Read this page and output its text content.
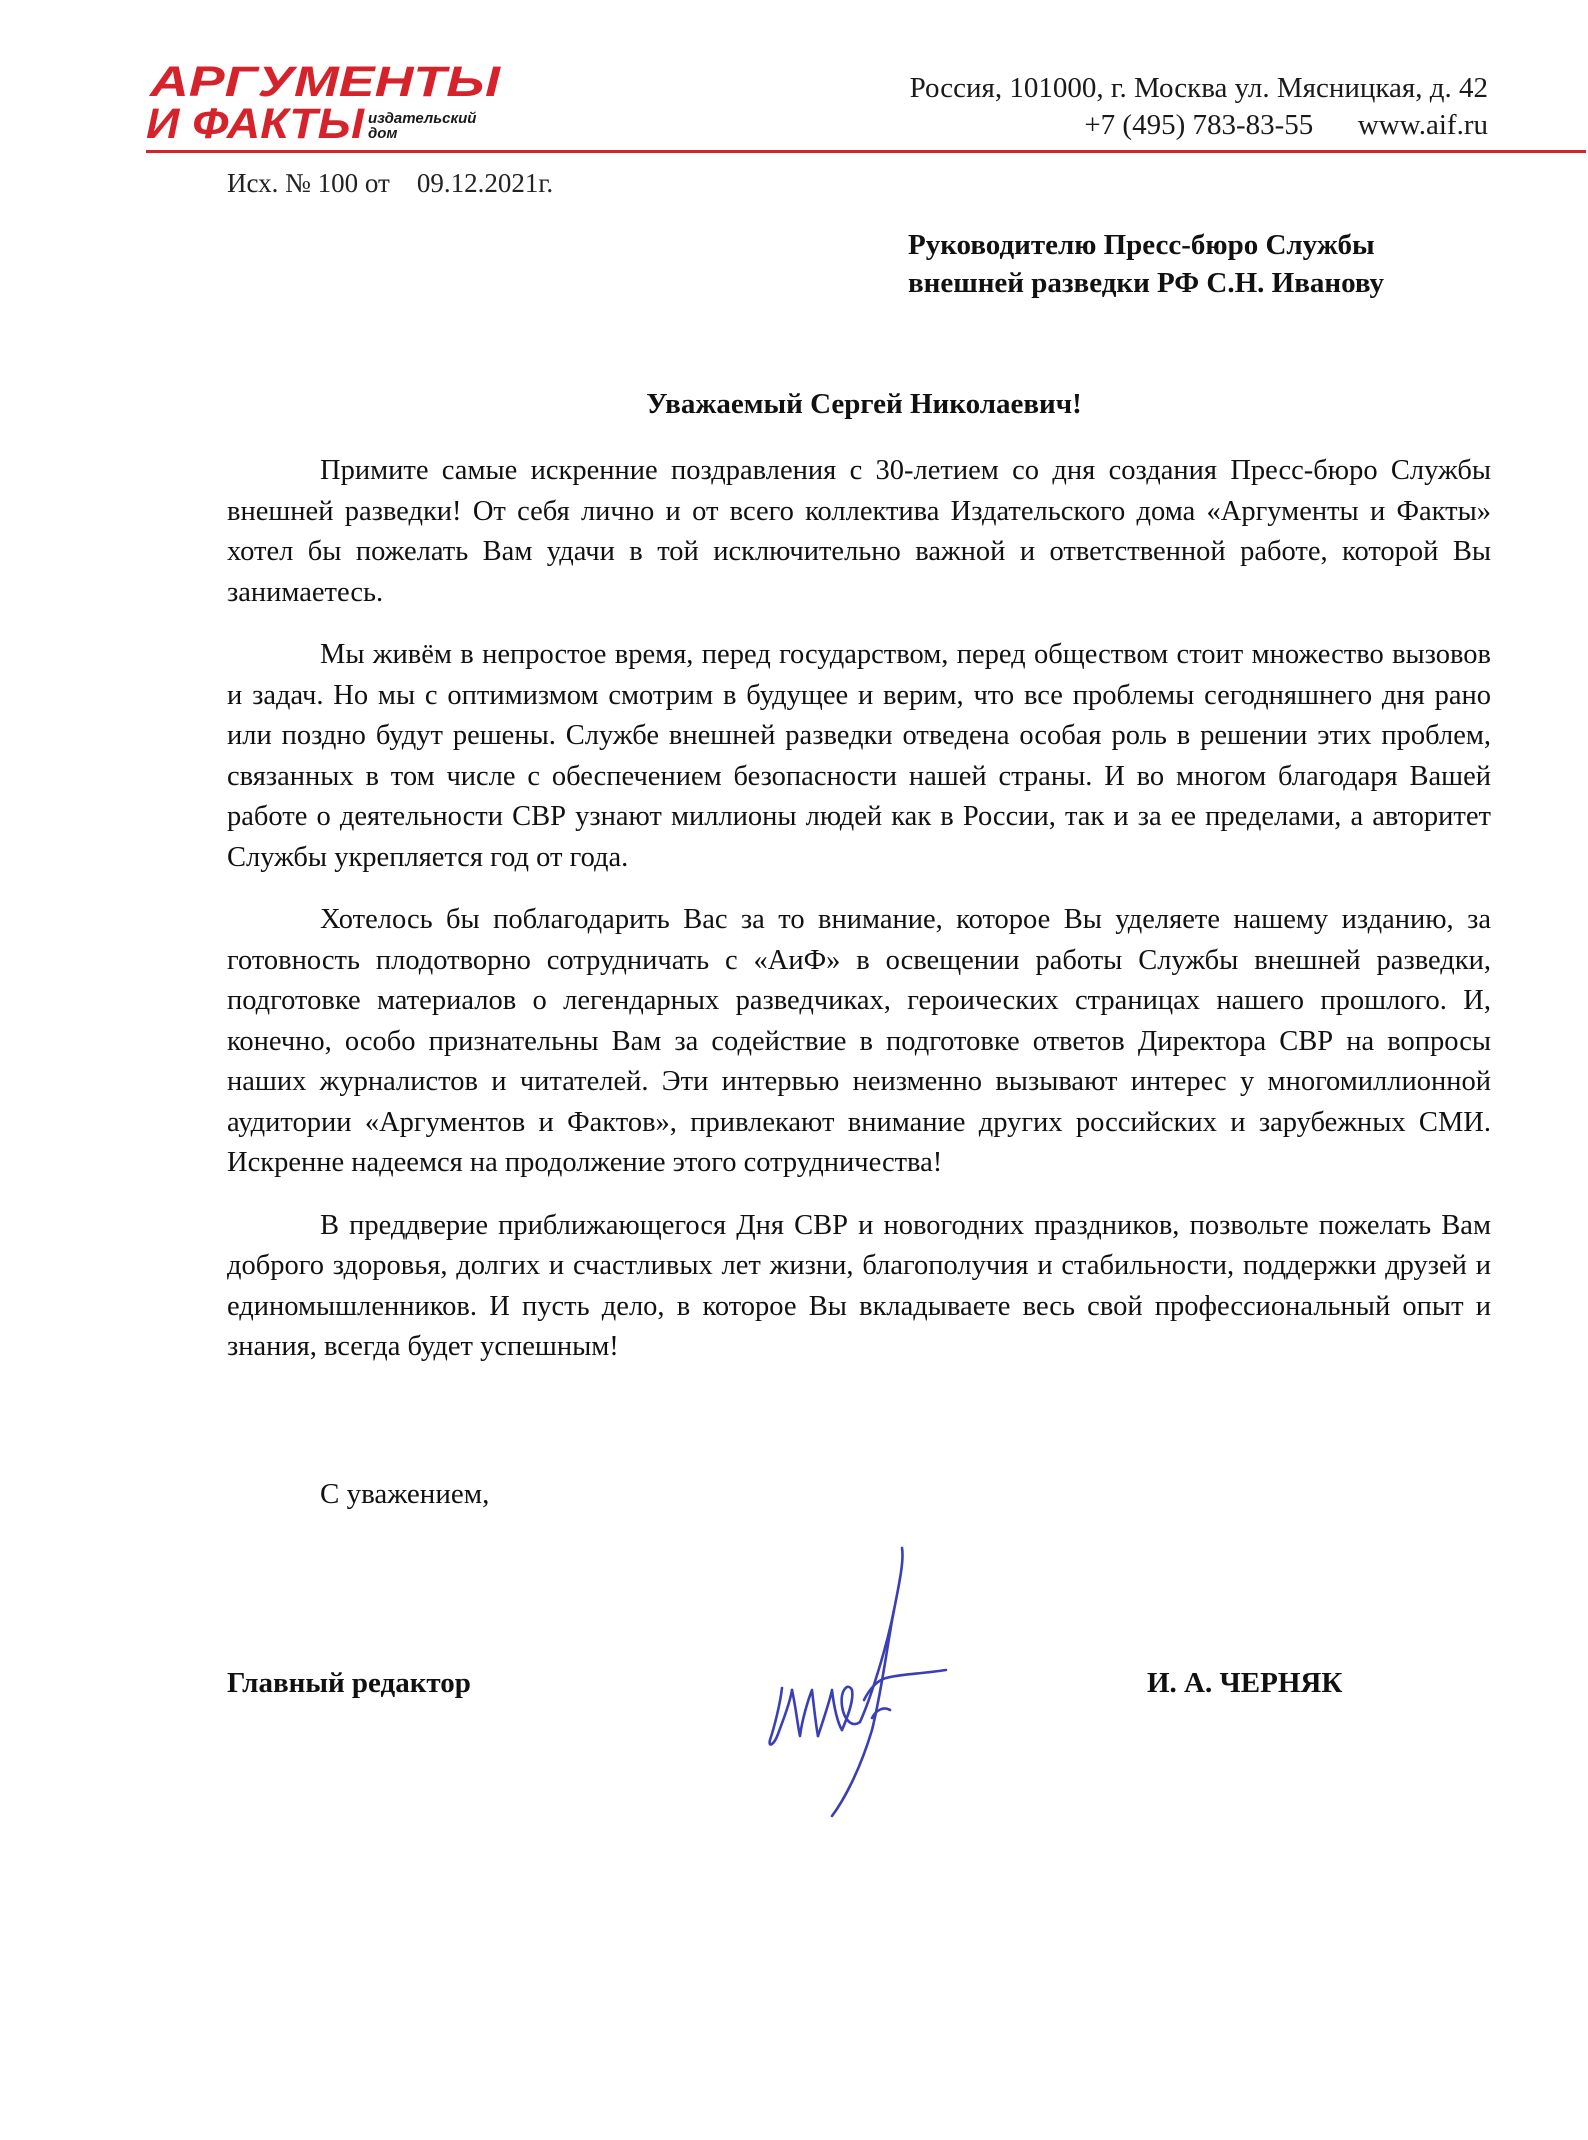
АРГУМЕНТЫ
И ФАКТЫ издательский
дом
Россия, 101000, г. Москва ул. Мясницкая, д. 42
+7 (495) 783-83-55 www.aif.ru
Исх. № 100 от 09.12.2021г.
Руководителю Пресс-бюро Службы
внешней разведки РФ С.Н. Иванову
Уважаемый Сергей Николаевич!

Примите самые искренние поздравления с 30-летием со дня создания Пресс-бюро Службы внешней разведки! От себя лично и от всего коллектива Издательского дома «Аргументы и Факты» хотел бы пожелать Вам удачи в той исключительно важной и ответственной работе, которой Вы занимаетесь.

Мы живём в непростое время, перед государством, перед обществом стоит множество вызовов и задач. Но мы с оптимизмом смотрим в будущее и верим, что все проблемы сегодняшнего дня рано или поздно будут решены. Службе внешней разведки отведена особая роль в решении этих проблем, связанных в том числе с обеспечением безопасности нашей страны. И во многом благодаря Вашей работе о деятельности СВР узнают миллионы людей как в России, так и за ее пределами, а авторитет Службы укрепляется год от года.

Хотелось бы поблагодарить Вас за то внимание, которое Вы уделяете нашему изданию, за готовность плодотворно сотрудничать с «АиФ» в освещении работы Службы внешней разведки, подготовке материалов о легендарных разведчиках, героических страницах нашего прошлого. И, конечно, особо признательны Вам за содействие в подготовке ответов Директора СВР на вопросы наших журналистов и читателей. Эти интервью неизменно вызывают интерес у многомиллионной аудитории «Аргументов и Фактов», привлекают внимание других российских и зарубежных СМИ. Искренне надеемся на продолжение этого сотрудничества!

В преддверие приближающегося Дня СВР и новогодних праздников, позвольте пожелать Вам доброго здоровья, долгих и счастливых лет жизни, благополучия и стабильности, поддержки друзей и единомышленников. И пусть дело, в которое Вы вкладываете весь свой профессиональный опыт и знания, всегда будет успешным!

С уважением,
Главный редактор	И. А. ЧЕРНЯК
